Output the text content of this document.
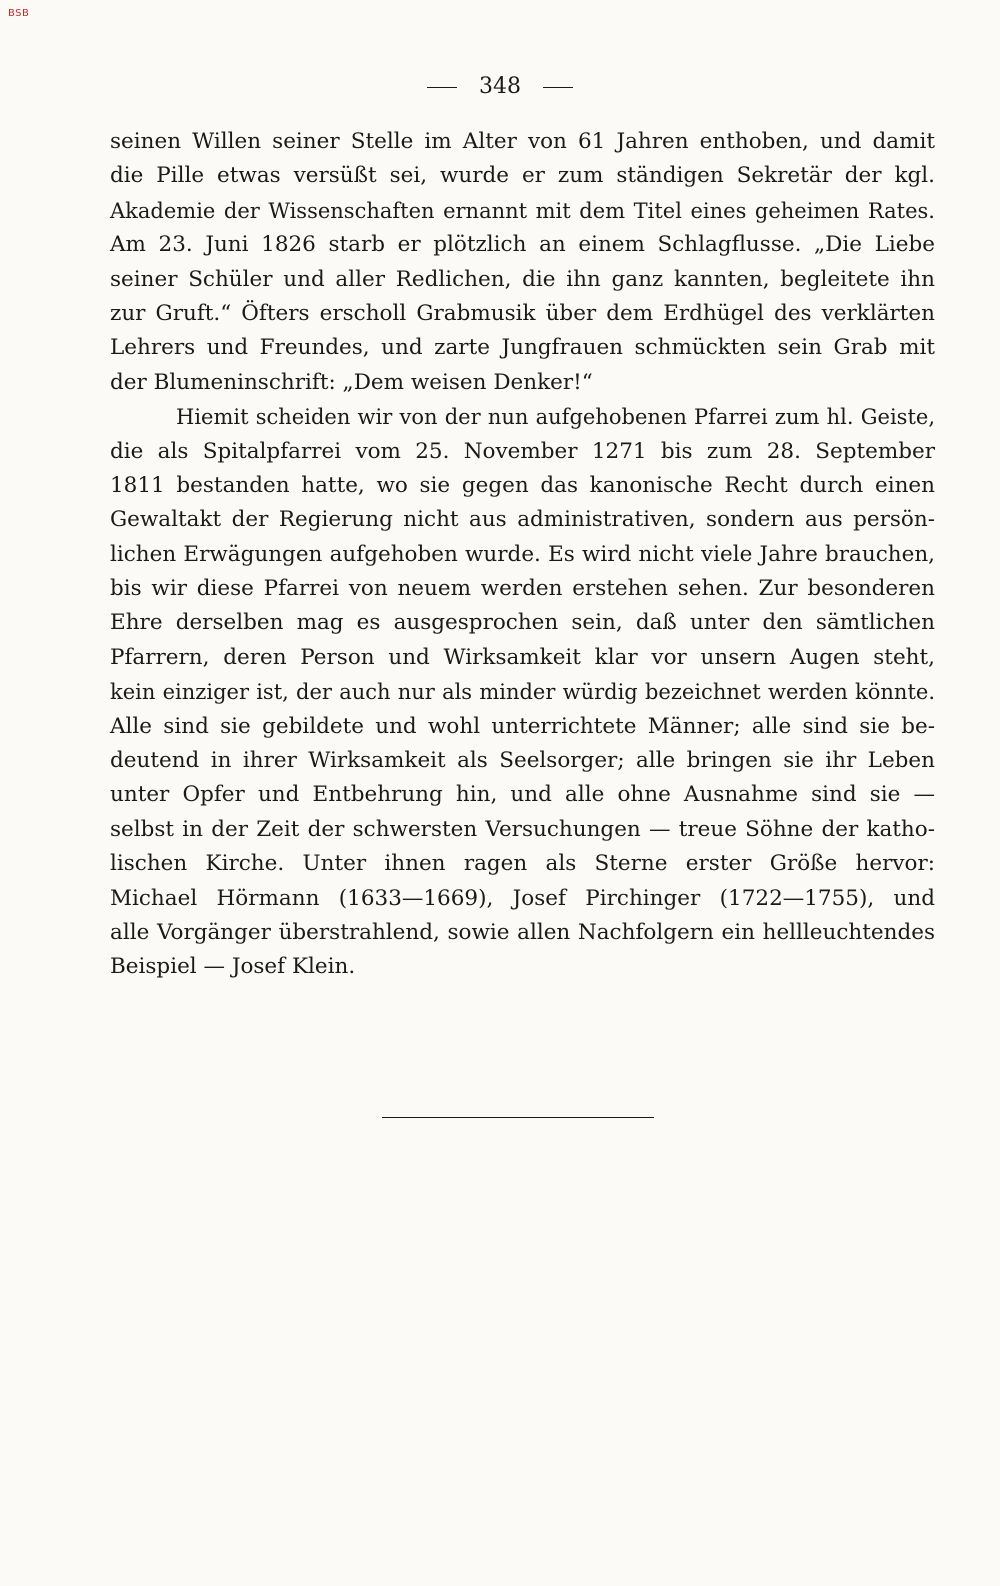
BSB
348
seinen Willen seiner Stelle im Alter von 61 Jahren enthoben, und damit
die Pille etwas versüßt sei, wurde er zum ständigen Sekretär der kgl.
Akademie der Wissenschaften ernannt mit dem Titel eines geheimen Rates.
Am 23. Juni 1826 starb er plötzlich an einem Schlagflusse. „Die Liebe
seiner Schüler und aller Redlichen, die ihn ganz kannten, begleitete ihn
zur Gruft.“ Öfters erscholl Grabmusik über dem Erdhügel des verklärten
Lehrers und Freundes, und zarte Jungfrauen schmückten sein Grab mit
der Blumeninschrift: „Dem weisen Denker!“
Hiemit scheiden wir von der nun aufgehobenen Pfarrei zum hl. Geiste,
die als Spitalpfarrei vom 25. November 1271 bis zum 28. September
1811 bestanden hatte, wo sie gegen das kanonische Recht durch einen
Gewaltakt der Regierung nicht aus administrativen, sondern aus persön-
lichen Erwägungen aufgehoben wurde. Es wird nicht viele Jahre brauchen,
bis wir diese Pfarrei von neuem werden erstehen sehen. Zur besonderen
Ehre derselben mag es ausgesprochen sein, daß unter den sämtlichen
Pfarrern, deren Person und Wirksamkeit klar vor unsern Augen steht,
kein einziger ist, der auch nur als minder würdig bezeichnet werden könnte.
Alle sind sie gebildete und wohl unterrichtete Männer; alle sind sie be-
deutend in ihrer Wirksamkeit als Seelsorger; alle bringen sie ihr Leben
unter Opfer und Entbehrung hin, und alle ohne Ausnahme sind sie —
selbst in der Zeit der schwersten Versuchungen — treue Söhne der katho-
lischen Kirche. Unter ihnen ragen als Sterne erster Größe hervor:
Michael Hörmann (1633—1669), Josef Pirchinger (1722—1755), und
alle Vorgänger überstrahlend, sowie allen Nachfolgern ein hellleuchtendes
Beispiel — Josef Klein.
